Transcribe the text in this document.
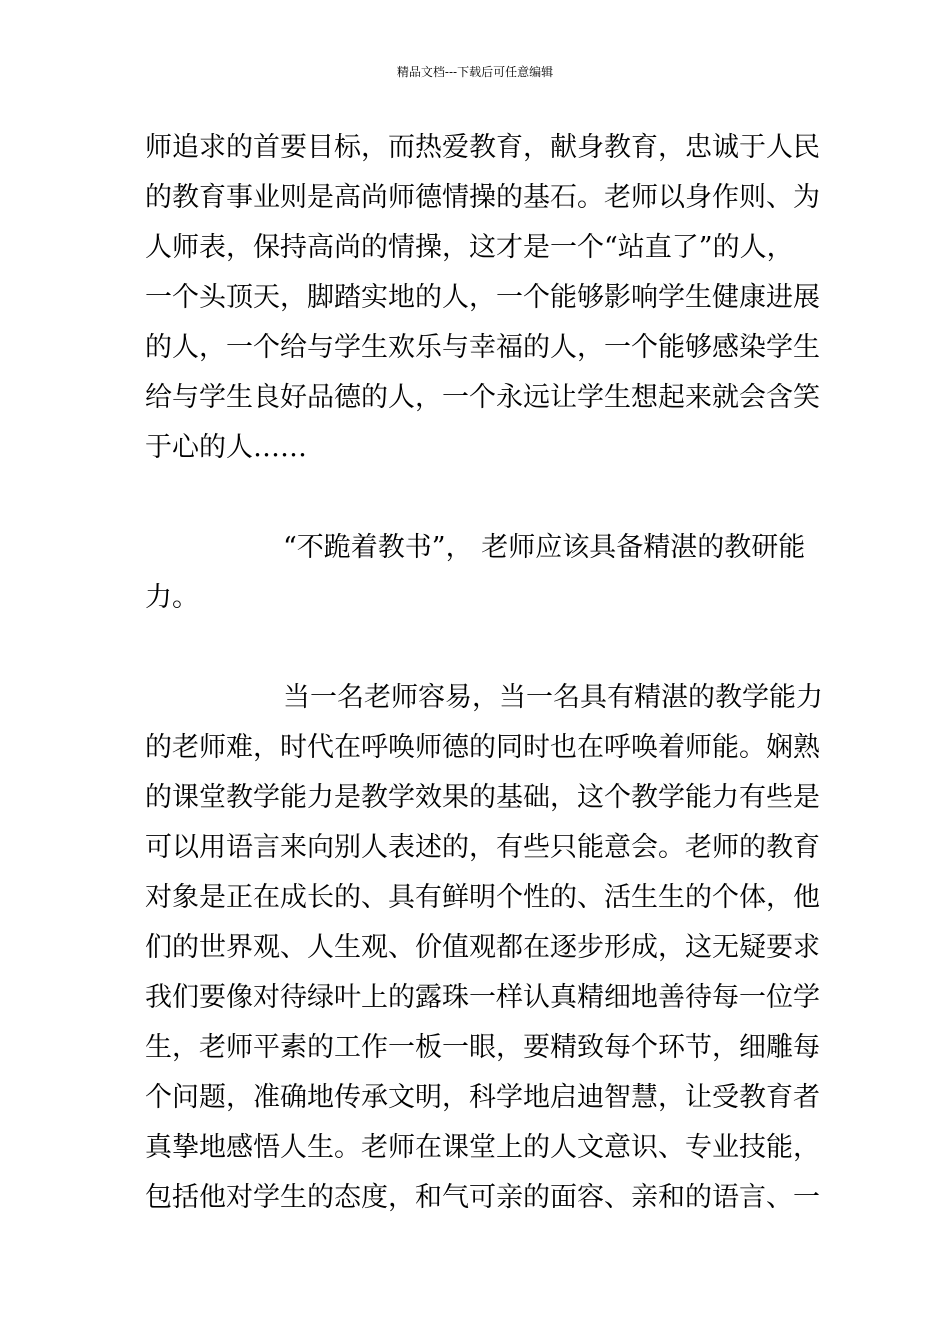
精品文档---下载后可任意编辑
师追求的首要目标，而热爱教育，献身教育，忠诚于人民
的教育事业则是高尚师德情操的基石。老师以身作则、为
人师表，保持高尚的情操，这才是一个“站直了”的人，
一个头顶天，脚踏实地的人，一个能够影响学生健康进展
的人，一个给与学生欢乐与幸福的人，一个能够感染学生
给与学生良好品德的人，一个永远让学生想起来就会含笑
于心的人……
“不跪着教书”， 老师应该具备精湛的教研能
力。
当一名老师容易，当一名具有精湛的教学能力
的老师难，时代在呼唤师德的同时也在呼唤着师能。娴熟
的课堂教学能力是教学效果的基础，这个教学能力有些是
可以用语言来向别人表述的，有些只能意会。老师的教育
对象是正在成长的、具有鲜明个性的、活生生的个体，他
们的世界观、人生观、价值观都在逐步形成，这无疑要求
我们要像对待绿叶上的露珠一样认真精细地善待每一位学
生，老师平素的工作一板一眼，要精致每个环节，细雕每
个问题，准确地传承文明，科学地启迪智慧，让受教育者
真挚地感悟人生。老师在课堂上的人文意识、专业技能，
包括他对学生的态度，和气可亲的面容、亲和的语言、一
